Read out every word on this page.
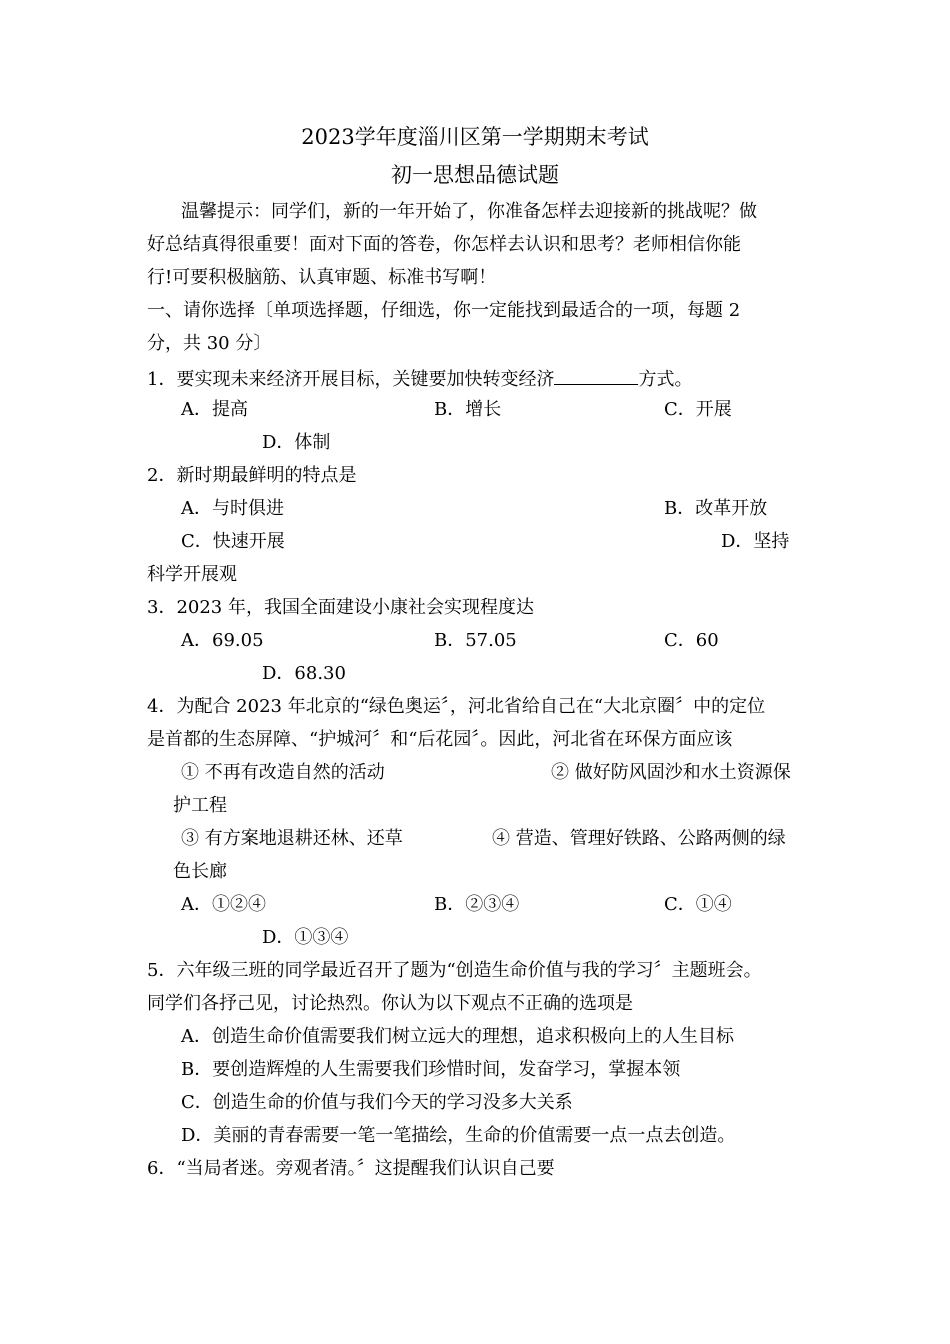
2023学年度淄川区第一学期期末考试
初一思想品德试题
温馨提示：同学们，新的一年开始了，你准备怎样去迎接新的挑战呢？做
好总结真得很重要！面对下面的答卷，你怎样去认识和思考？老师相信你能
行!可要积极脑筋、认真审题、标准书写啊！
一、请你选择〔单项选择题，仔细选，你一定能找到最适合的一项，每题 2
分，共 30 分〕
1．要实现未来经济开展目标，关键要加快转变经济	方式。
A．提高	B．增长	C．开展
D．体制
2．新时期最鲜明的特点是
A．与时俱进	B．改革开放
C．快速开展	D．坚持
科学开展观
3．2023 年，我国全面建设小康社会实现程度达
A．69.05	B．57.05	C．60
D．68.30
4．为配合 2023 年北京的“绿色奥运〞，河北省给自己在“大北京圈〞中的定位
是首都的生态屏障、“护城河〞和“后花园〞。因此，河北省在环保方面应该
① 不再有改造自然的活动	② 做好防风固沙和水土资源保
护工程
③ 有方案地退耕还林、还草	④ 营造、管理好铁路、公路两侧的绿
色长廊
A．①②④	B．②③④	C．①④
D．①③④
5．六年级三班的同学最近召开了题为“创造生命价值与我的学习〞主题班会。
同学们各抒己见，讨论热烈。你认为以下观点不正确的选项是
A．创造生命价值需要我们树立远大的理想，追求积极向上的人生目标
B．要创造辉煌的人生需要我们珍惜时间，发奋学习，掌握本领
C．创造生命的价值与我们今天的学习没多大关系
D．美丽的青春需要一笔一笔描绘，生命的价值需要一点一点去创造。
6．“当局者迷。旁观者清。〞这提醒我们认识自己要
